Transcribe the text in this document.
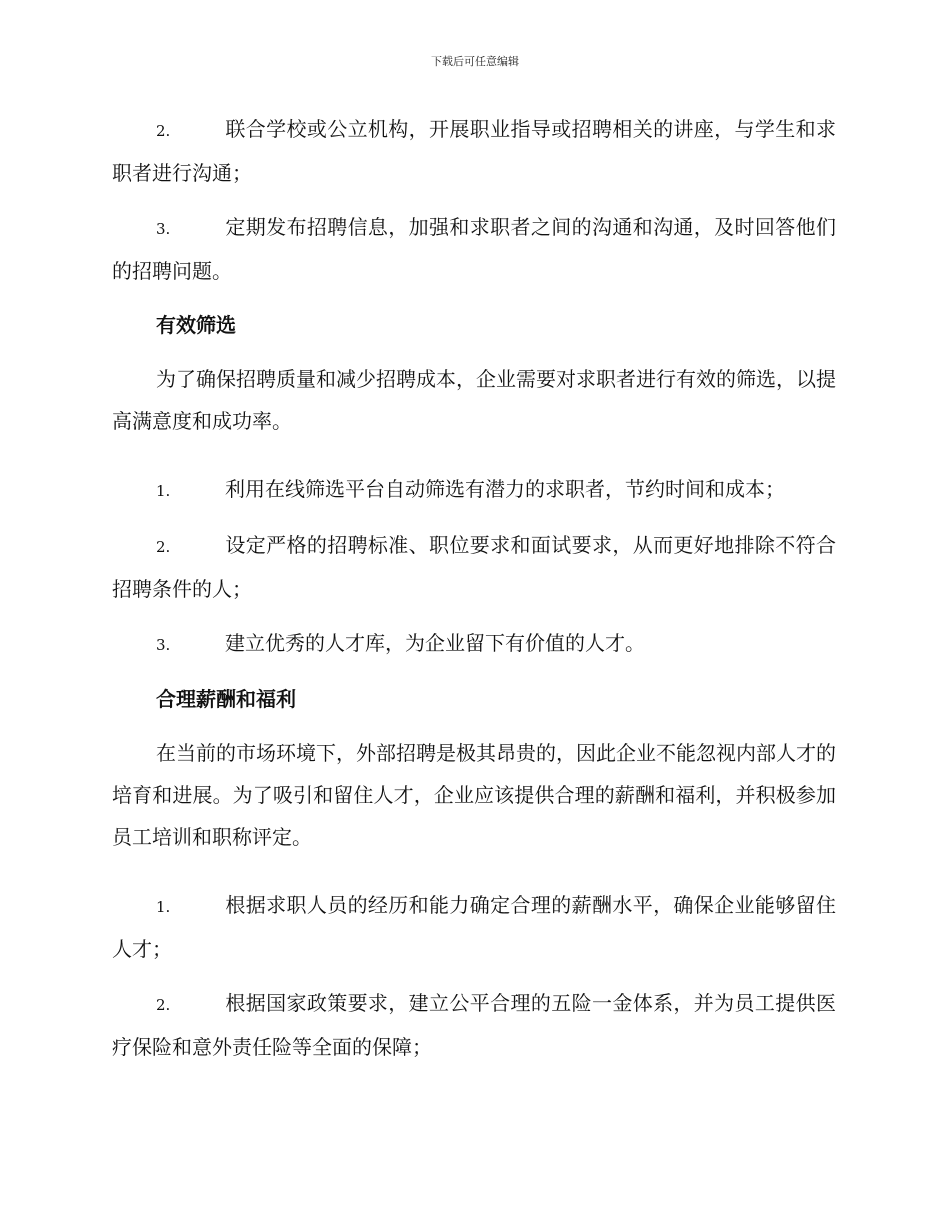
下载后可任意编辑

2.	联合学校或公立机构，开展职业指导或招聘相关的讲座，与学生和求职者进行沟通；

3.	定期发布招聘信息，加强和求职者之间的沟通和沟通，及时回答他们的招聘问题。

有效筛选

为了确保招聘质量和减少招聘成本，企业需要对求职者进行有效的筛选，以提高满意度和成功率。

1.	利用在线筛选平台自动筛选有潜力的求职者，节约时间和成本；

2.	设定严格的招聘标准、职位要求和面试要求，从而更好地排除不符合招聘条件的人；

3.	建立优秀的人才库，为企业留下有价值的人才。

合理薪酬和福利

在当前的市场环境下，外部招聘是极其昂贵的，因此企业不能忽视内部人才的培育和进展。为了吸引和留住人才，企业应该提供合理的薪酬和福利，并积极参加员工培训和职称评定。

1.	根据求职人员的经历和能力确定合理的薪酬水平，确保企业能够留住人才；

2.	根据国家政策要求，建立公平合理的五险一金体系，并为员工提供医疗保险和意外责任险等全面的保障；
